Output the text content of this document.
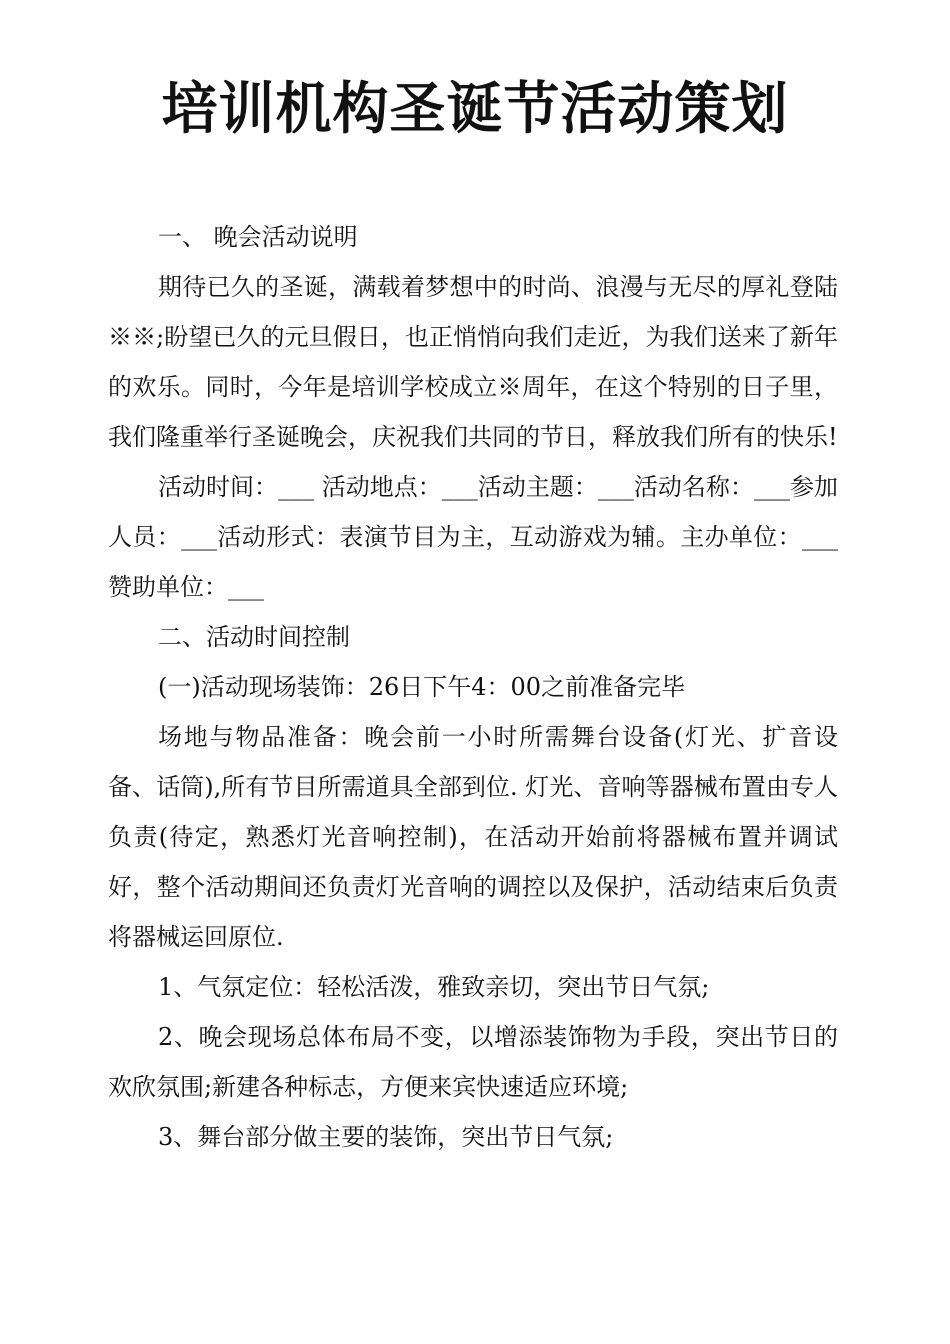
培训机构圣诞节活动策划

一、 晚会活动说明

期待已久的圣诞，满载着梦想中的时尚、浪漫与无尽的厚礼登陆※※;盼望已久的元旦假日，也正悄悄向我们走近，为我们送来了新年的欢乐。同时，今年是培训学校成立※周年，在这个特别的日子里，我们隆重举行圣诞晚会，庆祝我们共同的节日，释放我们所有的快乐!

活动时间：___ 活动地点：___活动主题：___活动名称：___参加人员：___活动形式：表演节目为主，互动游戏为辅。主办单位：___赞助单位：___

二、活动时间控制

(一)活动现场装饰：26日下午4：00之前准备完毕

场地与物品准备：晚会前一小时所需舞台设备(灯光、扩音设备、话筒),所有节目所需道具全部到位. 灯光、音响等器械布置由专人负责(待定，熟悉灯光音响控制)，在活动开始前将器械布置并调试好，整个活动期间还负责灯光音响的调控以及保护，活动结束后负责将器械运回原位.

1、气氛定位：轻松活泼，雅致亲切，突出节日气氛;

2、晚会现场总体布局不变，以增添装饰物为手段，突出节日的欢欣氛围;新建各种标志，方便来宾快速适应环境;

3、舞台部分做主要的装饰，突出节日气氛;
